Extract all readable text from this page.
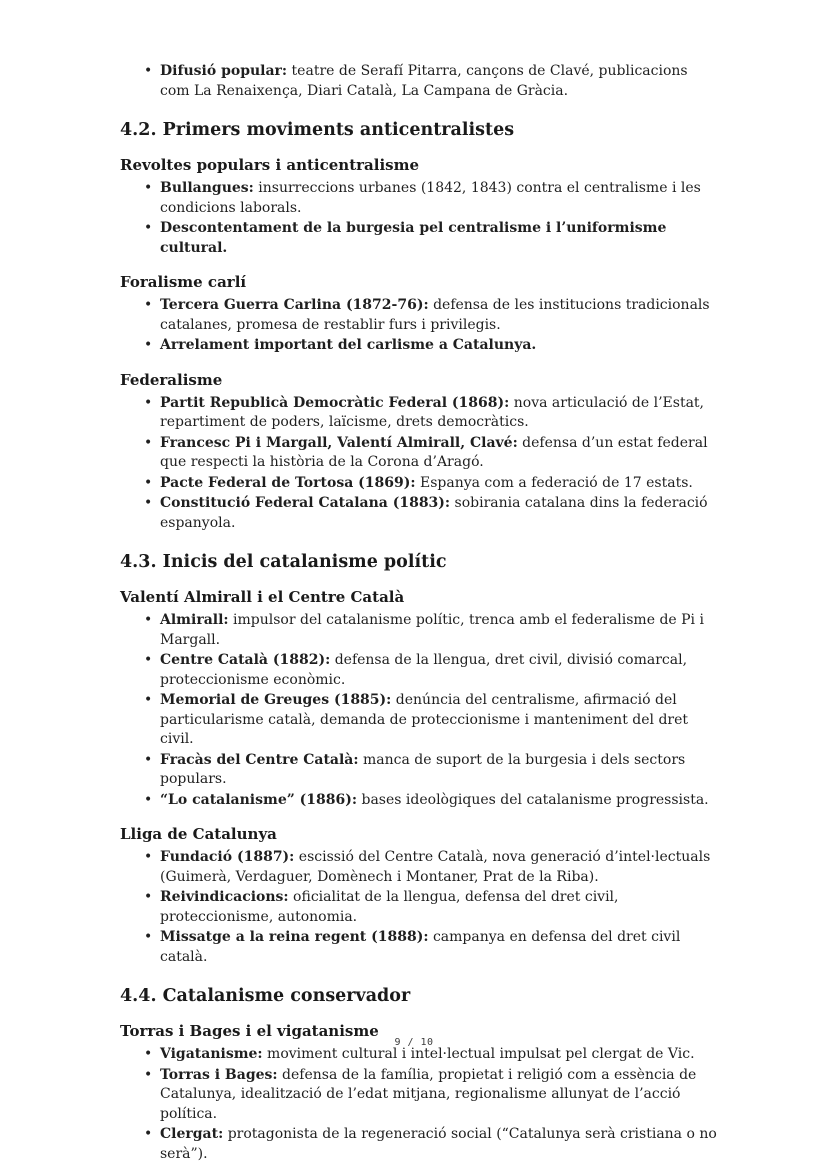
• Difusió popular: teatre de Serafí Pitarra, cançons de Clavé, publicacions com La Renaixença, Diari Català, La Campana de Gràcia.
4.2. Primers moviments anticentralistes
Revoltes populars i anticentralisme
• Bullangues: insurreccions urbanes (1842, 1843) contra el centralisme i les condicions laborals.
• Descontentament de la burgesia pel centralisme i l’uniformisme cultural.
Foralisme carlí
• Tercera Guerra Carlina (1872-76): defensa de les institucions tradicionals catalanes, promesa de restablir furs i privilegis.
• Arrelament important del carlisme a Catalunya.
Federalisme
• Partit Republicà Democràtic Federal (1868): nova articulació de l’Estat, repartiment de poders, laïcisme, drets democràtics.
• Francesc Pi i Margall, Valentí Almirall, Clavé: defensa d’un estat federal que respecti la història de la Corona d’Aragó.
• Pacte Federal de Tortosa (1869): Espanya com a federació de 17 estats.
• Constitució Federal Catalana (1883): sobirania catalana dins la federació espanyola.
4.3. Inicis del catalanisme polític
Valentí Almirall i el Centre Català
• Almirall: impulsor del catalanisme polític, trenca amb el federalisme de Pi i Margall.
• Centre Català (1882): defensa de la llengua, dret civil, divisió comarcal, proteccionisme econòmic.
• Memorial de Greuges (1885): denúncia del centralisme, afirmació del particularisme català, demanda de proteccionisme i manteniment del dret civil.
• Fracàs del Centre Català: manca de suport de la burgesia i dels sectors populars.
• “Lo catalanisme” (1886): bases ideològiques del catalanisme progressista.
Lliga de Catalunya
• Fundació (1887): escissió del Centre Català, nova generació d’intel·lectuals (Guimerà, Verdaguer, Domènech i Montaner, Prat de la Riba).
• Reivindicacions: oficialitat de la llengua, defensa del dret civil, proteccionisme, autonomia.
• Missatge a la reina regent (1888): campanya en defensa del dret civil català.
4.4. Catalanisme conservador
Torras i Bages i el vigatanisme
• Vigatanisme: moviment cultural i intel·lectual impulsat pel clergat de Vic.
• Torras i Bages: defensa de la família, propietat i religió com a essència de Catalunya, idealització de l’edat mitjana, regionalisme allunyat de l’acció política.
• Clergat: protagonista de la regeneració social (“Catalunya serà cristiana o no serà”).
9 / 10
